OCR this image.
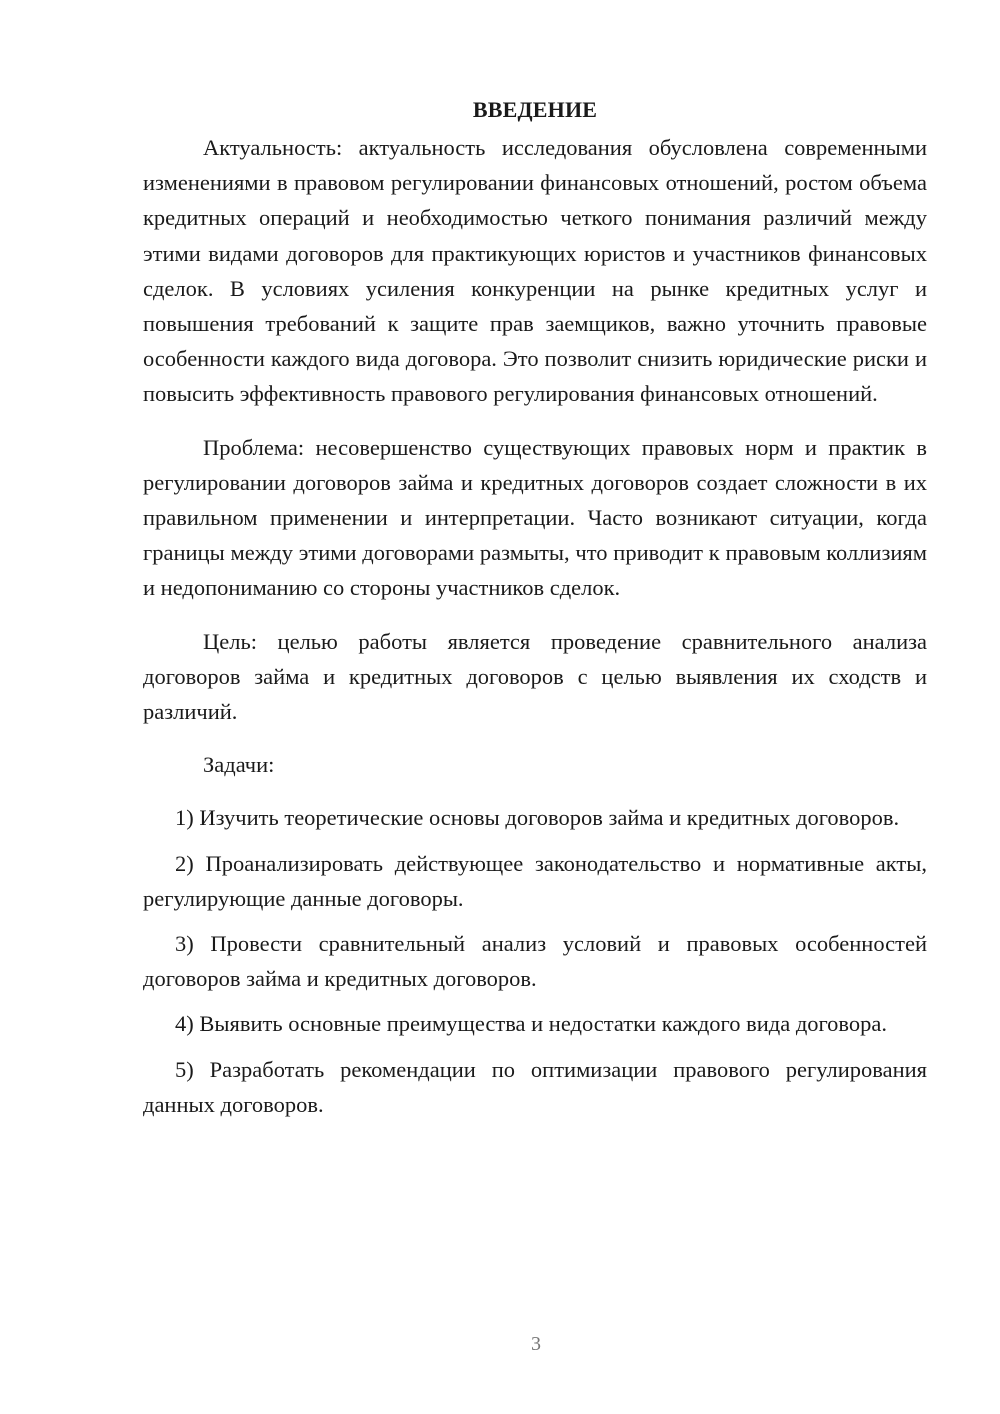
ВВЕДЕНИЕ

Актуальность: актуальность исследования обусловлена современными изменениями в правовом регулировании финансовых отношений, ростом объема кредитных операций и необходимостью четкого понимания различий между этими видами договоров для практикующих юристов и участников финансовых сделок. В условиях усиления конкуренции на рынке кредитных услуг и повышения требований к защите прав заемщиков, важно уточнить правовые особенности каждого вида договора. Это позволит снизить юридические риски и повысить эффективность правового регулирования финансовых отношений.

Проблема: несовершенство существующих правовых норм и практик в регулировании договоров займа и кредитных договоров создает сложности в их правильном применении и интерпретации. Часто возникают ситуации, когда границы между этими договорами размыты, что приводит к правовым коллизиям и недопониманию со стороны участников сделок.

Цель: целью работы является проведение сравнительного анализа договоров займа и кредитных договоров с целью выявления их сходств и различий.

Задачи:

1) Изучить теоретические основы договоров займа и кредитных договоров.

2) Проанализировать действующее законодательство и нормативные акты, регулирующие данные договоры.

3) Провести сравнительный анализ условий и правовых особенностей договоров займа и кредитных договоров.

4) Выявить основные преимущества и недостатки каждого вида договора.

5) Разработать рекомендации по оптимизации правового регулирования данных договоров.

3
